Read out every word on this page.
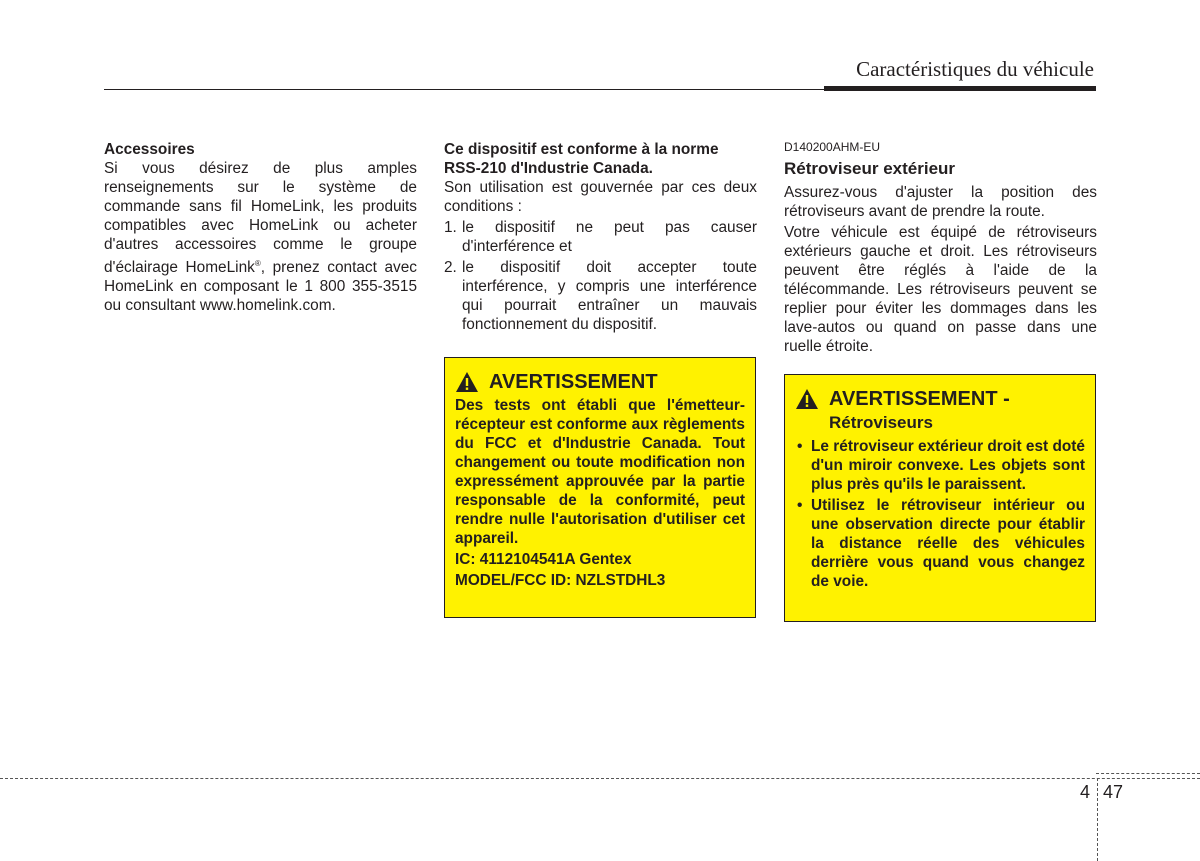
Caractéristiques du véhicule
Accessoires
Si vous désirez de plus amples renseignements sur le système de commande sans fil HomeLink, les produits compatibles avec HomeLink ou acheter d'autres accessoires comme le groupe d'éclairage HomeLink®, prenez contact avec HomeLink en composant le 1 800 355-3515 ou consultant www.homelink.com.
Ce dispositif est conforme à la norme RSS-210 d'Industrie Canada.
Son utilisation est gouvernée par ces deux conditions :
1. le dispositif ne peut pas causer d'interférence et
2. le dispositif doit accepter toute interférence, y compris une interférence qui pourrait entraîner un mauvais fonctionnement du dispositif.
AVERTISSEMENT
Des tests ont établi que l'émetteur-récepteur est conforme aux règlements du FCC et d'Industrie Canada. Tout changement ou toute modification non expressément approuvée par la partie responsable de la conformité, peut rendre nulle l'autorisation d'utiliser cet appareil.
IC: 4112104541A Gentex
MODEL/FCC ID: NZLSTDHL3
D140200AHM-EU
Rétroviseur extérieur
Assurez-vous d'ajuster la position des rétroviseurs avant de prendre la route.
Votre véhicule est équipé de rétroviseurs extérieurs gauche et droit. Les rétroviseurs peuvent être réglés à l'aide de la télécommande. Les rétroviseurs peuvent se replier pour éviter les dommages dans les lave-autos ou quand on passe dans une ruelle étroite.
AVERTISSEMENT -
Rétroviseurs
• Le rétroviseur extérieur droit est doté d'un miroir convexe. Les objets sont plus près qu'ils le paraissent.
• Utilisez le rétroviseur intérieur ou une observation directe pour établir la distance réelle des véhicules derrière vous quand vous changez de voie.
4 47
